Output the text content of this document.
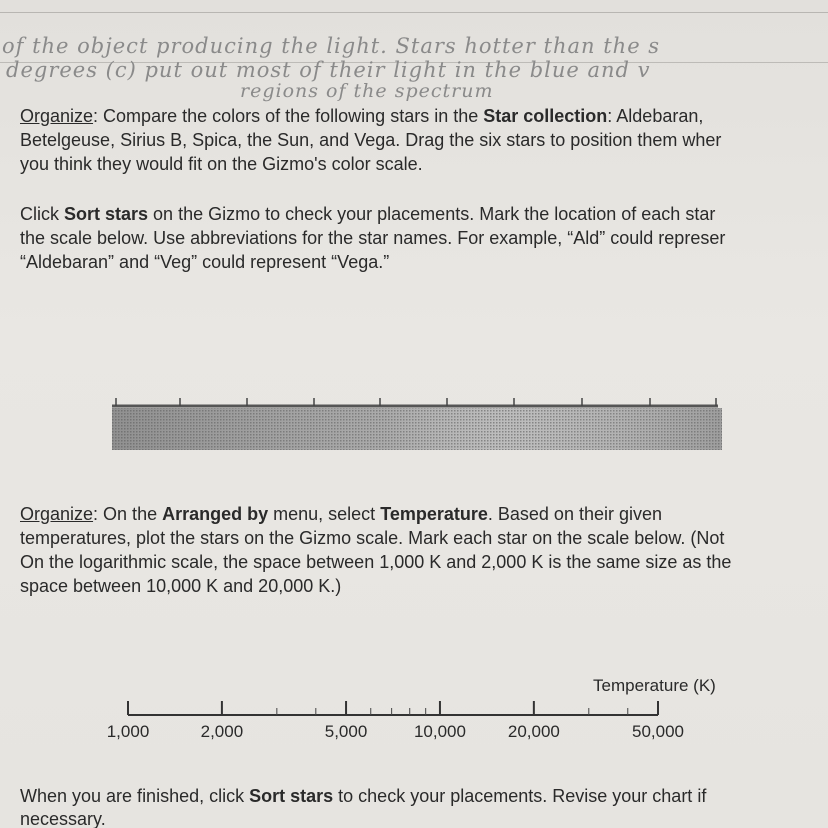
of the object producing the light. Stars hotter than the s
degrees (c) put out most of their light in the blue and v
regions of the spectrum
Organize: Compare the colors of the following stars in the Star collection: Aldebaran,
Betelgeuse, Sirius B, Spica, the Sun, and Vega. Drag the six stars to position them wher
you think they would fit on the Gizmo's color scale.
Click Sort stars on the Gizmo to check your placements. Mark the location of each star
the scale below. Use abbreviations for the star names. For example, “Ald” could represer
“Aldebaran” and “Veg” could represent “Vega.”
Organize: On the Arranged by menu, select Temperature. Based on their given
temperatures, plot the stars on the Gizmo scale. Mark each star on the scale below. (Not
On the logarithmic scale, the space between 1,000 K and 2,000 K is the same size as the
space between 10,000 K and 20,000 K.)
Temperature (K)
1,000	2,000	5,000	10,000 20,000	50,000
When you are finished, click Sort stars to check your placements. Revise your chart if
necessary.
